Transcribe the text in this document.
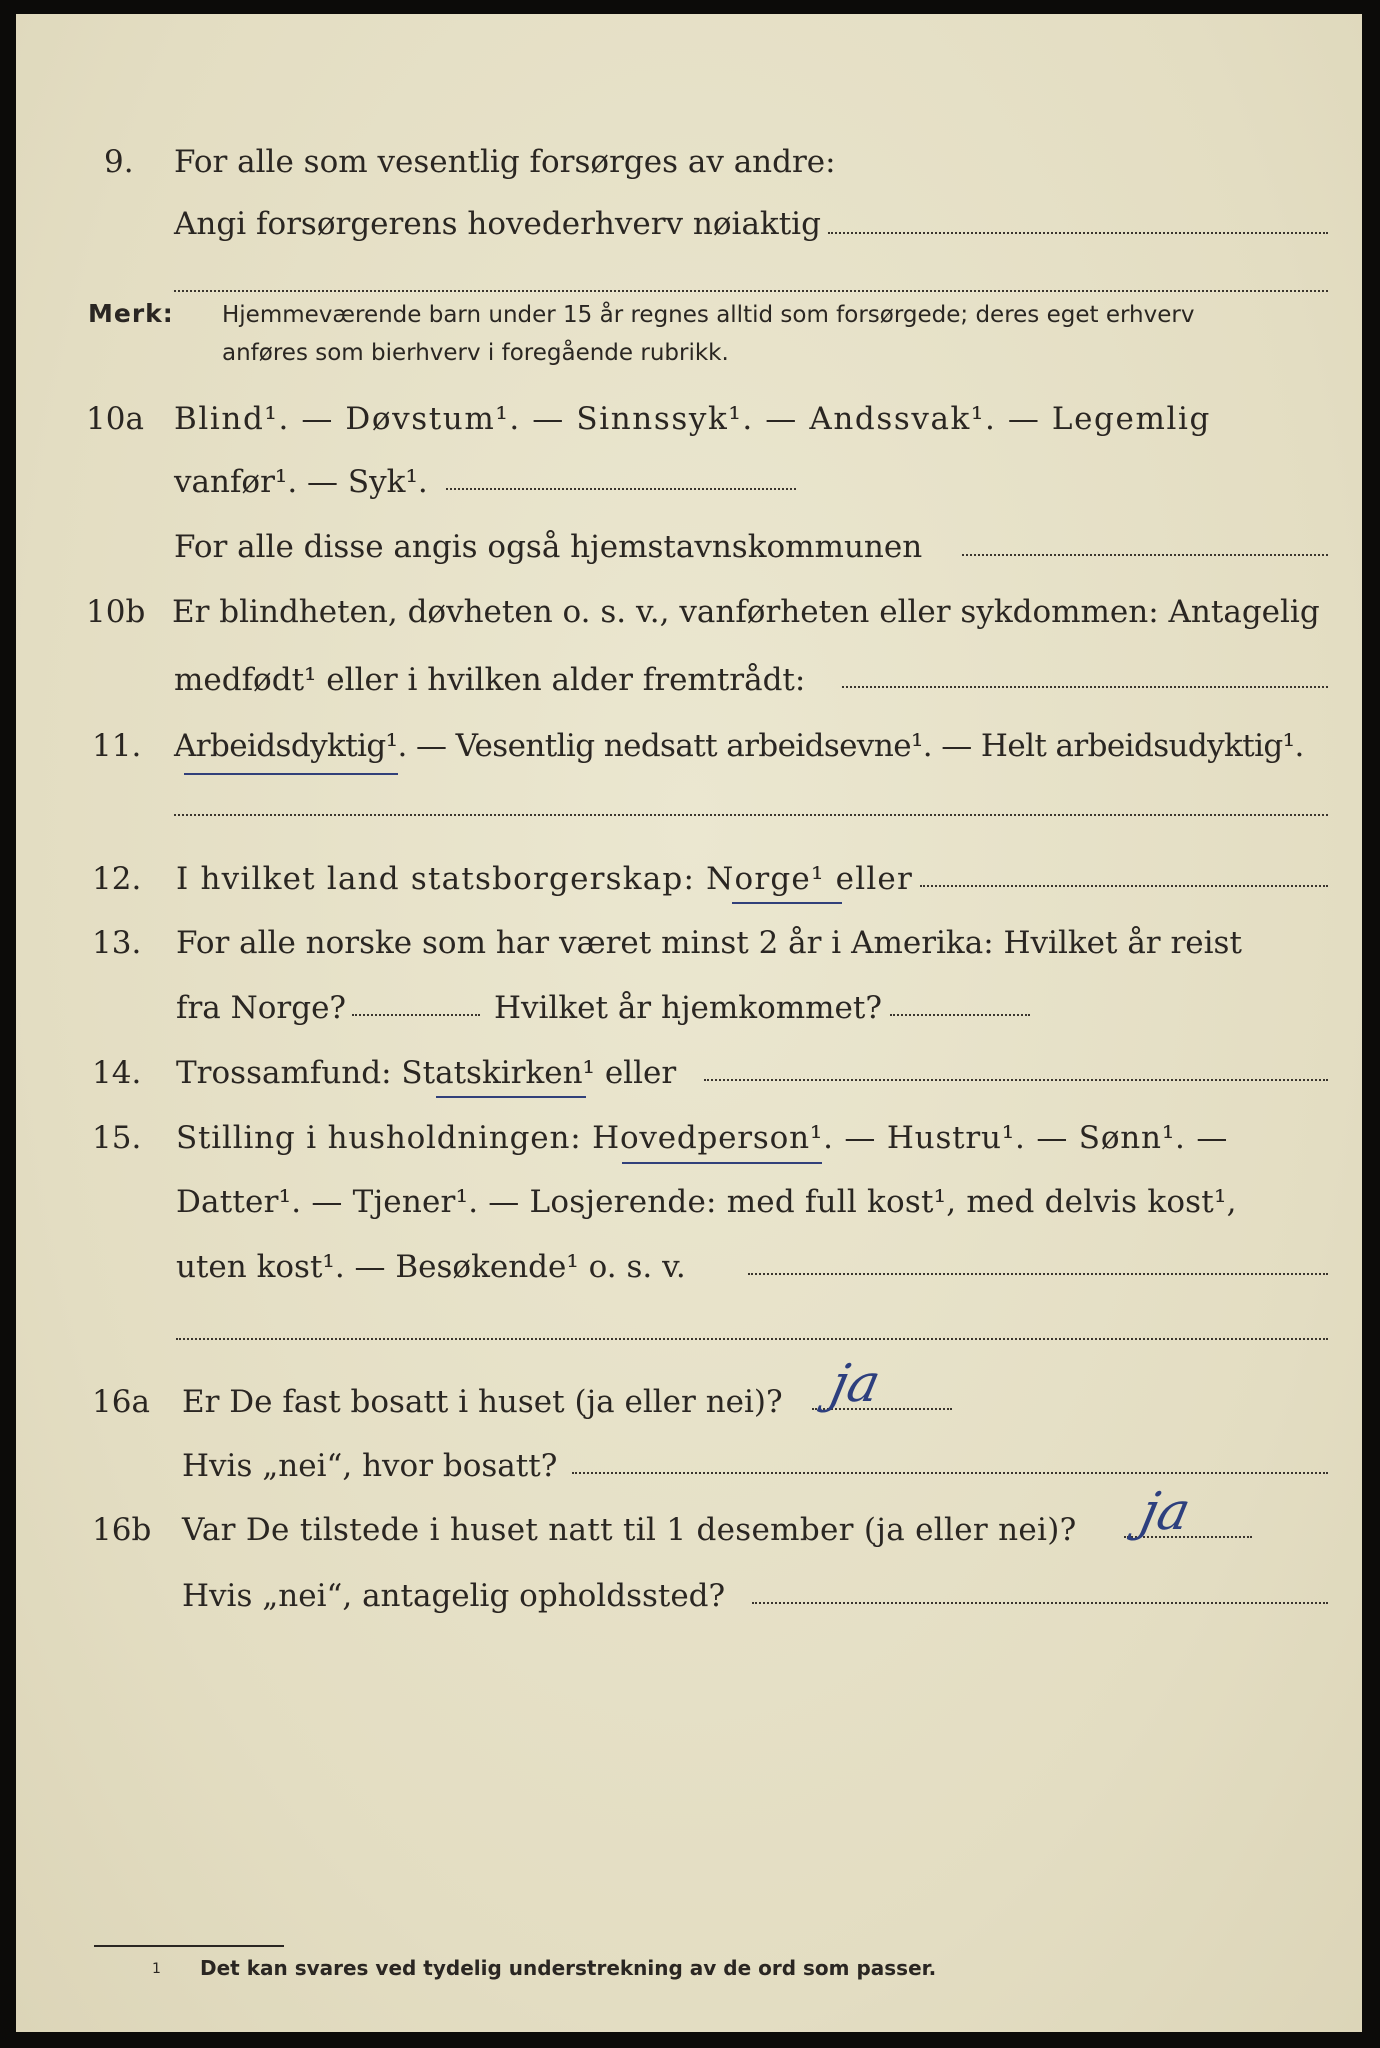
9. For alle som vesentlig forsørges av andre:
Angi forsørgerens hovederhverv nøiaktig
Merk: Hjemmeværende barn under 15 år regnes alltid som forsørgede; deres eget erhverv
anføres som bierhverv i foregående rubrikk.
10a Blind¹. — Døvstum¹. — Sinnssyk¹. — Andssvak¹. — Legemlig
vanfør¹. — Syk¹.
For alle disse angis også hjemstavnskommunen
10b Er blindheten, døvheten o. s. v., vanførheten eller sykdommen: Antagelig
medfødt¹ eller i hvilken alder fremtrådt:
11. Arbeidsdyktig¹. — Vesentlig nedsatt arbeidsevne¹. — Helt arbeidsudyktig¹.
12. I hvilket land statsborgerskap: Norge¹ eller
13. For alle norske som har været minst 2 år i Amerika: Hvilket år reist
fra Norge?	Hvilket år hjemkommet?
14. Trossamfund: Statskirken¹ eller
15. Stilling i husholdningen: Hovedperson¹. — Hustru¹. — Sønn¹. —
Datter¹. — Tjener¹. — Losjerende: med full kost¹, med delvis kost¹,
uten kost¹. — Besøkende¹ o. s. v.
16a Er De fast bosatt i huset (ja eller nei)? ja
Hvis „nei“, hvor bosatt?
16b Var De tilstede i huset natt til 1 desember (ja eller nei)? ja
Hvis „nei“, antagelig opholdssted?
1 Det kan svares ved tydelig understrekning av de ord som passer.
